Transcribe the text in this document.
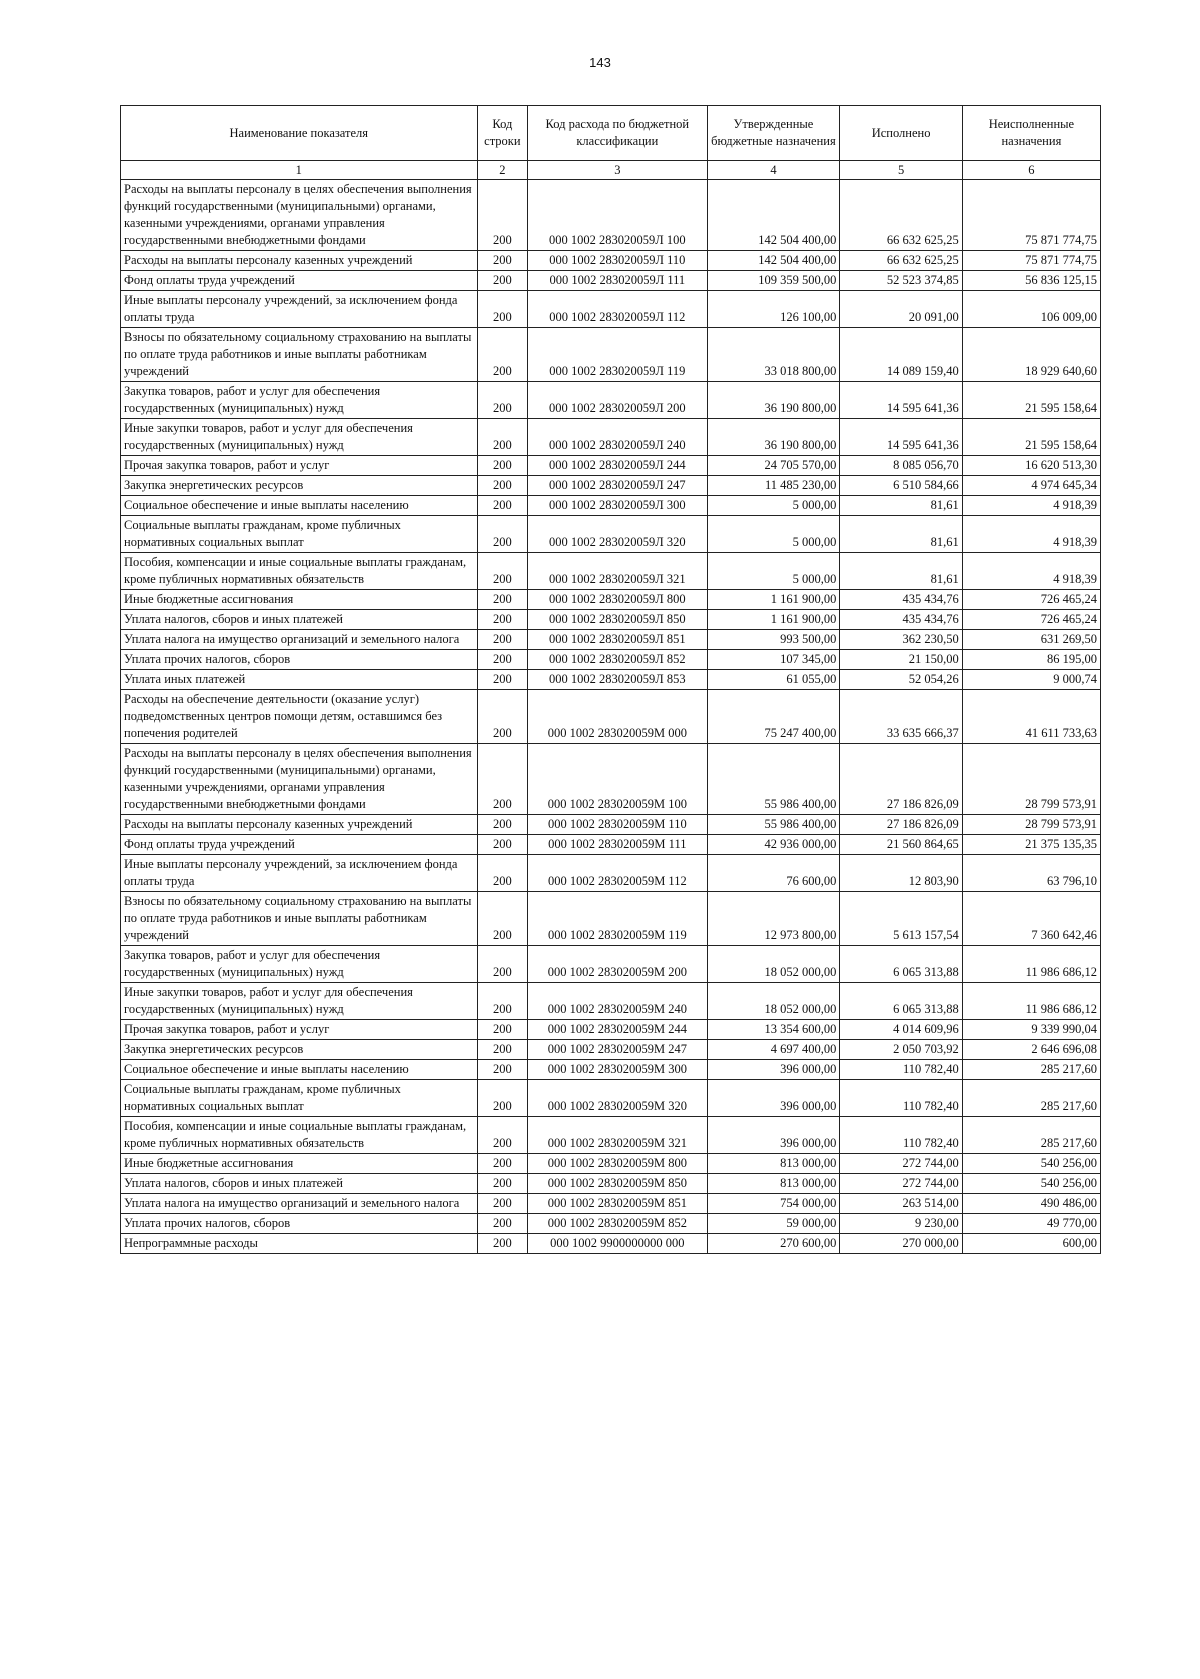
143
Наименование показателя	Код строки	Код расхода по бюджетной классификации	Утвержденные бюджетные назначения	Исполнено	Неисполненные назначения
1	2	3	4	5	6
Расходы на выплаты персоналу в целях обеспечения выполнения функций государственными (муниципальными) органами, казенными учреждениями, органами управления государственными внебюджетными фондами	200	000 1002 283020059Л 100	142 504 400,00	66 632 625,25	75 871 774,75
Расходы на выплаты персоналу казенных учреждений	200	000 1002 283020059Л 110	142 504 400,00	66 632 625,25	75 871 774,75
Фонд оплаты труда учреждений	200	000 1002 283020059Л 111	109 359 500,00	52 523 374,85	56 836 125,15
Иные выплаты персоналу учреждений, за исключением фонда оплаты труда	200	000 1002 283020059Л 112	126 100,00	20 091,00	106 009,00
Взносы по обязательному социальному страхованию на выплаты по оплате труда работников и иные выплаты работникам учреждений	200	000 1002 283020059Л 119	33 018 800,00	14 089 159,40	18 929 640,60
Закупка товаров, работ и услуг для обеспечения государственных (муниципальных) нужд	200	000 1002 283020059Л 200	36 190 800,00	14 595 641,36	21 595 158,64
Иные закупки товаров, работ и услуг для обеспечения государственных (муниципальных) нужд	200	000 1002 283020059Л 240	36 190 800,00	14 595 641,36	21 595 158,64
Прочая закупка товаров, работ и услуг	200	000 1002 283020059Л 244	24 705 570,00	8 085 056,70	16 620 513,30
Закупка энергетических ресурсов	200	000 1002 283020059Л 247	11 485 230,00	6 510 584,66	4 974 645,34
Социальное обеспечение и иные выплаты населению	200	000 1002 283020059Л 300	5 000,00	81,61	4 918,39
Социальные выплаты гражданам, кроме публичных нормативных социальных выплат	200	000 1002 283020059Л 320	5 000,00	81,61	4 918,39
Пособия, компенсации и иные социальные выплаты гражданам, кроме публичных нормативных обязательств	200	000 1002 283020059Л 321	5 000,00	81,61	4 918,39
Иные бюджетные ассигнования	200	000 1002 283020059Л 800	1 161 900,00	435 434,76	726 465,24
Уплата налогов, сборов и иных платежей	200	000 1002 283020059Л 850	1 161 900,00	435 434,76	726 465,24
Уплата налога на имущество организаций и земельного налога	200	000 1002 283020059Л 851	993 500,00	362 230,50	631 269,50
Уплата прочих налогов, сборов	200	000 1002 283020059Л 852	107 345,00	21 150,00	86 195,00
Уплата иных платежей	200	000 1002 283020059Л 853	61 055,00	52 054,26	9 000,74
Расходы на обеспечение деятельности (оказание услуг) подведомственных центров помощи детям, оставшимся без попечения родителей	200	000 1002 283020059М 000	75 247 400,00	33 635 666,37	41 611 733,63
Расходы на выплаты персоналу в целях обеспечения выполнения функций государственными (муниципальными) органами, казенными учреждениями, органами управления государственными внебюджетными фондами	200	000 1002 283020059М 100	55 986 400,00	27 186 826,09	28 799 573,91
Расходы на выплаты персоналу казенных учреждений	200	000 1002 283020059М 110	55 986 400,00	27 186 826,09	28 799 573,91
Фонд оплаты труда учреждений	200	000 1002 283020059М 111	42 936 000,00	21 560 864,65	21 375 135,35
Иные выплаты персоналу учреждений, за исключением фонда оплаты труда	200	000 1002 283020059М 112	76 600,00	12 803,90	63 796,10
Взносы по обязательному социальному страхованию на выплаты по оплате труда работников и иные выплаты работникам учреждений	200	000 1002 283020059М 119	12 973 800,00	5 613 157,54	7 360 642,46
Закупка товаров, работ и услуг для обеспечения государственных (муниципальных) нужд	200	000 1002 283020059М 200	18 052 000,00	6 065 313,88	11 986 686,12
Иные закупки товаров, работ и услуг для обеспечения государственных (муниципальных) нужд	200	000 1002 283020059М 240	18 052 000,00	6 065 313,88	11 986 686,12
Прочая закупка товаров, работ и услуг	200	000 1002 283020059М 244	13 354 600,00	4 014 609,96	9 339 990,04
Закупка энергетических ресурсов	200	000 1002 283020059М 247	4 697 400,00	2 050 703,92	2 646 696,08
Социальное обеспечение и иные выплаты населению	200	000 1002 283020059М 300	396 000,00	110 782,40	285 217,60
Социальные выплаты гражданам, кроме публичных нормативных социальных выплат	200	000 1002 283020059М 320	396 000,00	110 782,40	285 217,60
Пособия, компенсации и иные социальные выплаты гражданам, кроме публичных нормативных обязательств	200	000 1002 283020059М 321	396 000,00	110 782,40	285 217,60
Иные бюджетные ассигнования	200	000 1002 283020059М 800	813 000,00	272 744,00	540 256,00
Уплата налогов, сборов и иных платежей	200	000 1002 283020059М 850	813 000,00	272 744,00	540 256,00
Уплата налога на имущество организаций и земельного налога	200	000 1002 283020059М 851	754 000,00	263 514,00	490 486,00
Уплата прочих налогов, сборов	200	000 1002 283020059М 852	59 000,00	9 230,00	49 770,00
Непрограммные расходы	200	000 1002 9900000000 000	270 600,00	270 000,00	600,00
